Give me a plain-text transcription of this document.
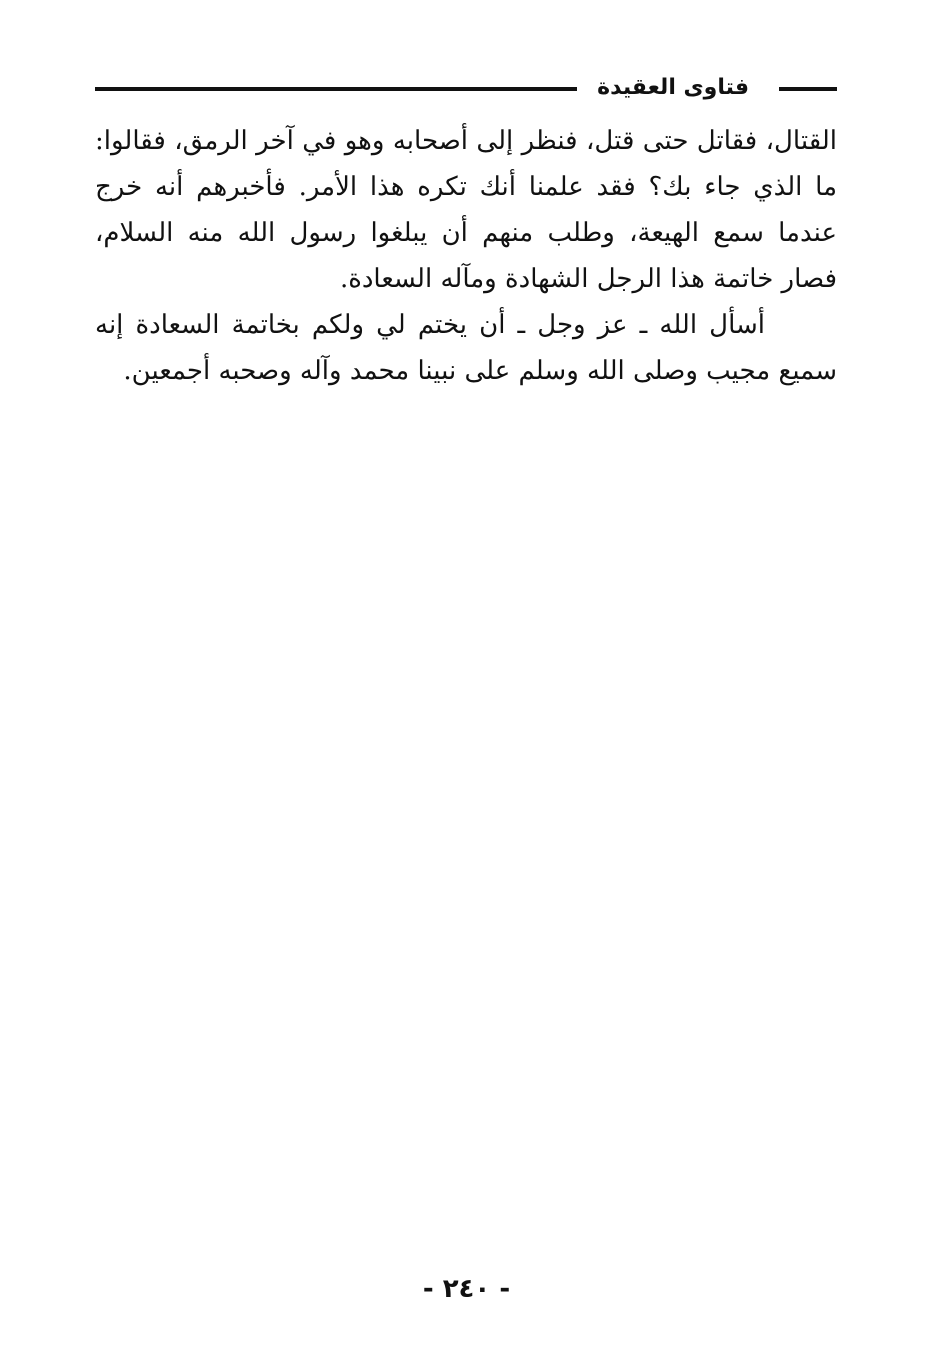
فتاوى العقيدة

القتال، فقاتل حتى قتل، فنظر إلى أصحابه وهو في آخر الرمق، فقالوا: ما الذي جاء بك؟ فقد علمنا أنك تكره هذا الأمر. فأخبرهم أنه خرج عندما سمع الهيعة، وطلب منهم أن يبلغوا رسول الله منه السلام، فصار خاتمة هذا الرجل الشهادة ومآله السعادة.

أسأل الله ـ عز وجل ـ أن يختم لي ولكم بخاتمة السعادة إنه سميع مجيب وصلى الله وسلم على نبينا محمد وآله وصحبه أجمعين.

- ٢٤٠ -
